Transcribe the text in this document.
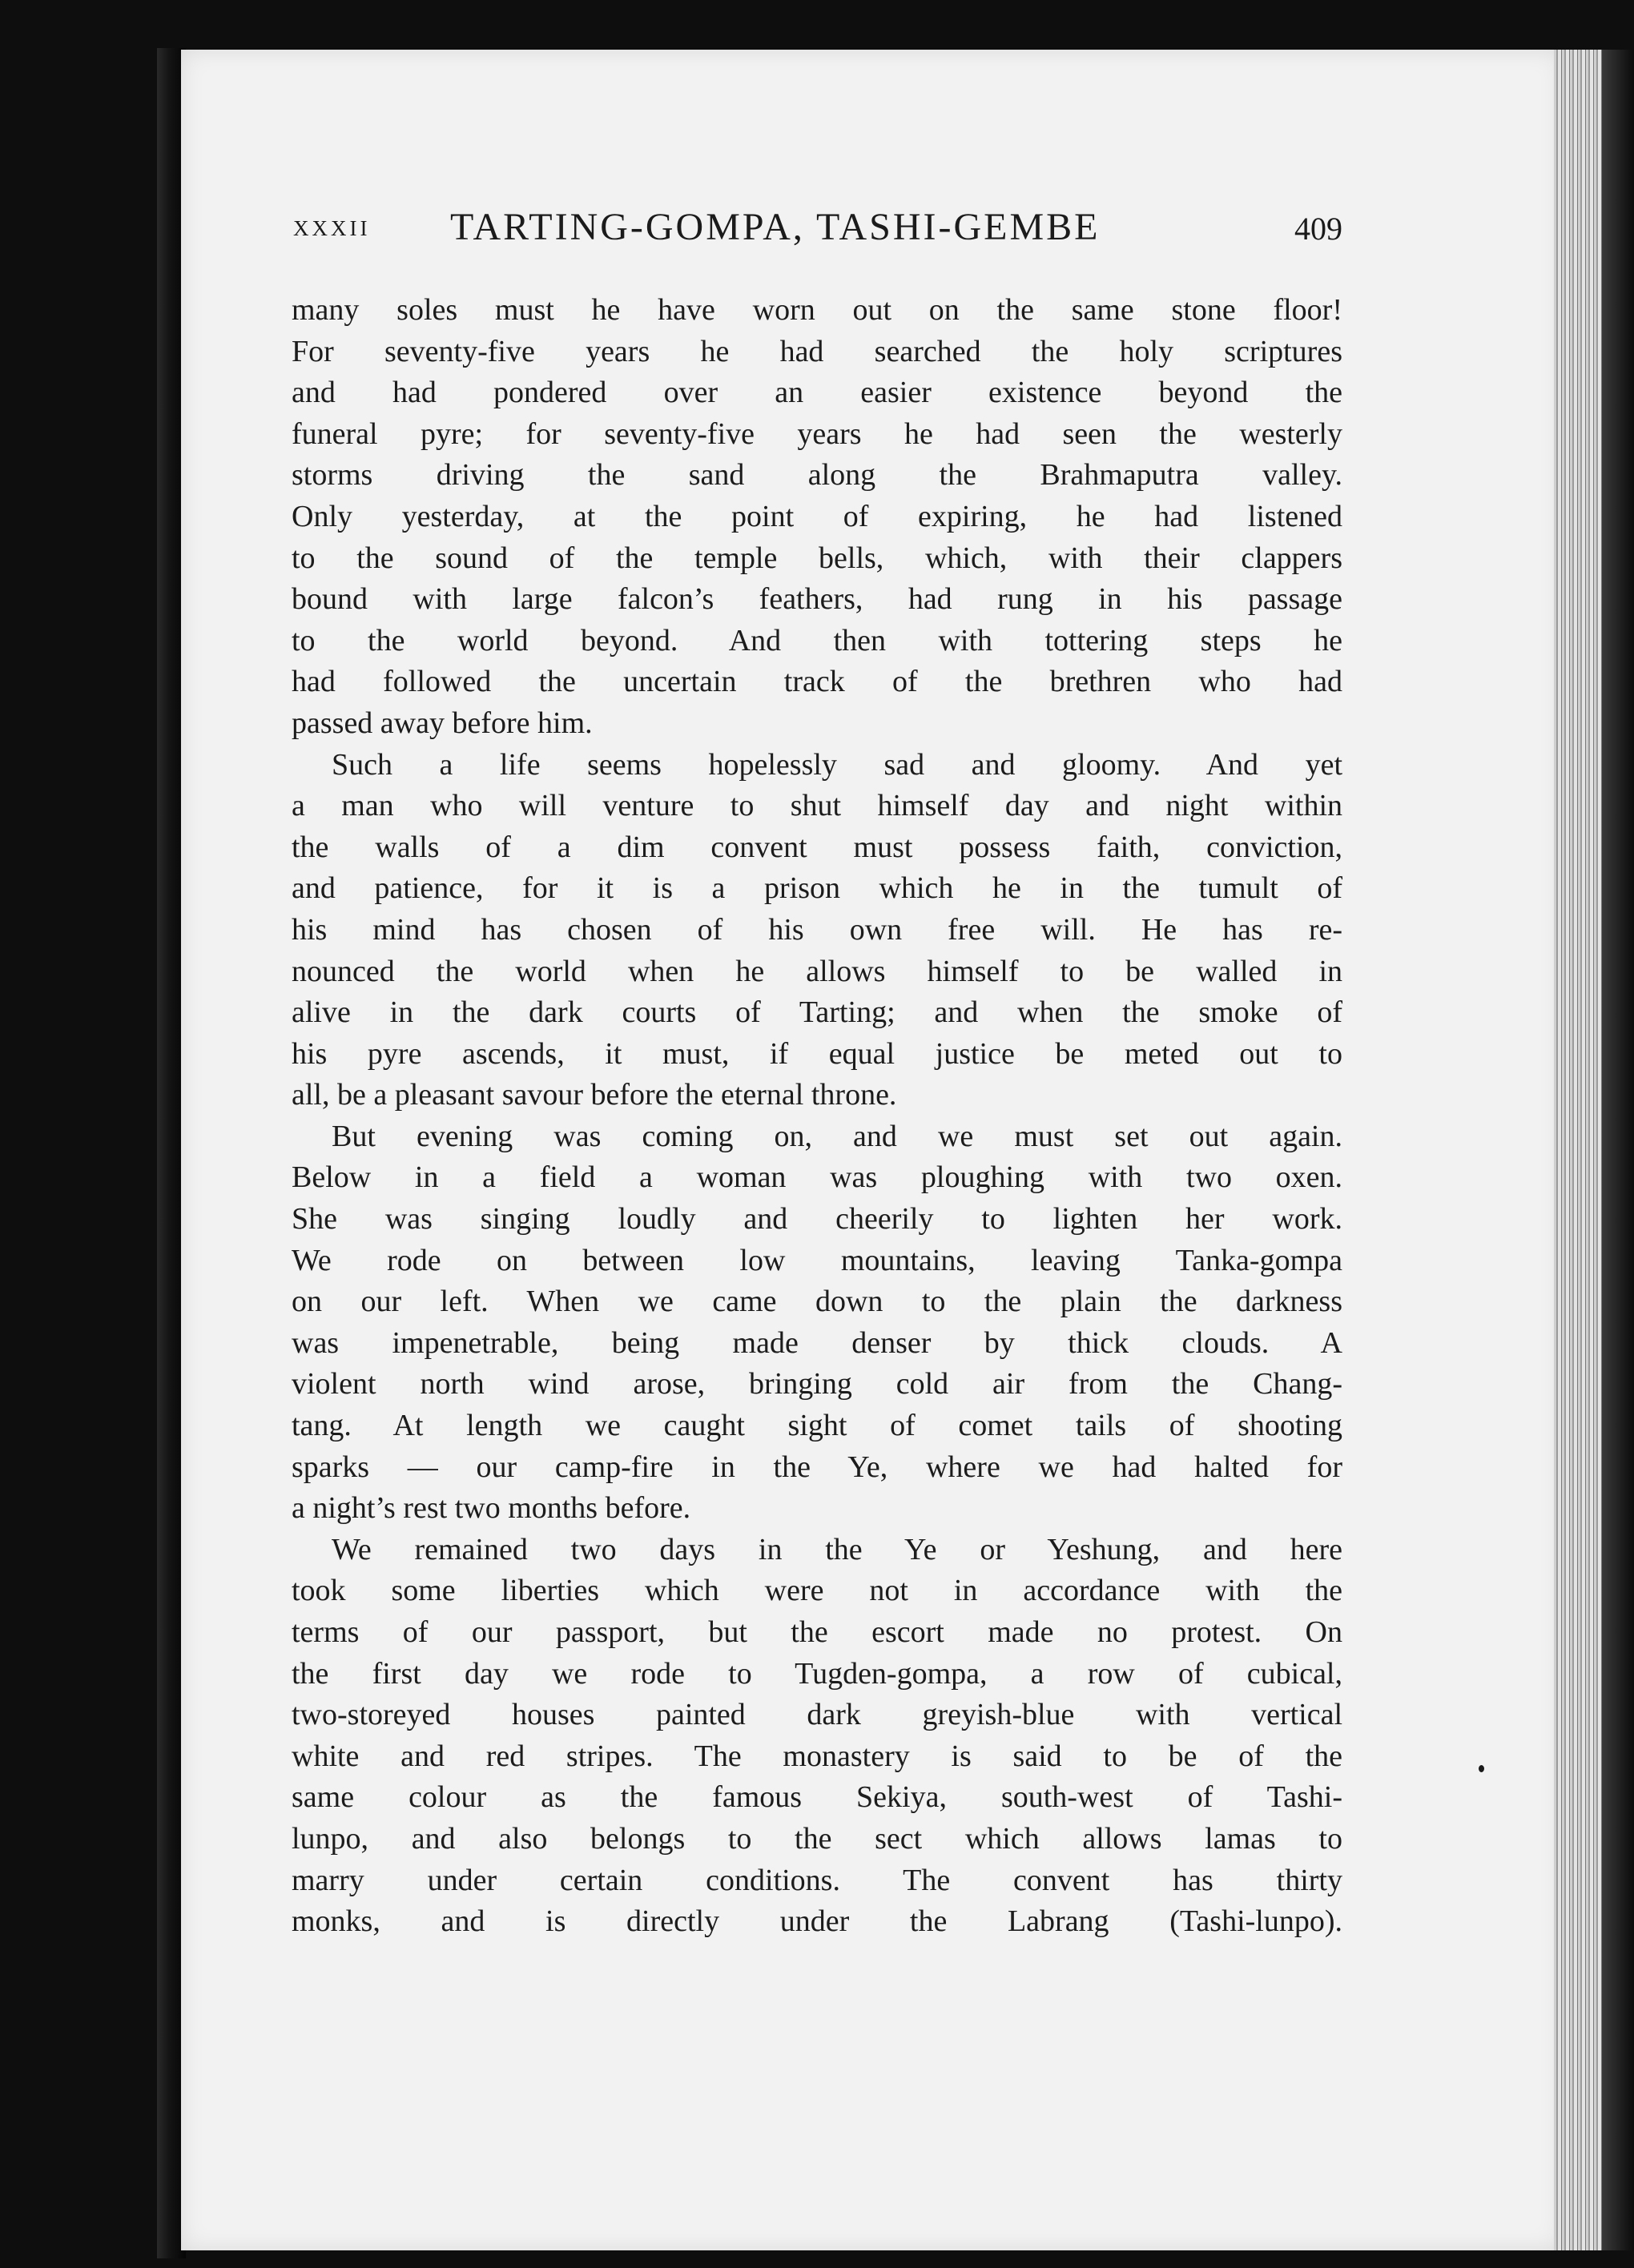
XXXII TARTING-GOMPA, TASHI-GEMBE	409
many soles must he have worn out on the same stone floor!
For seventy-five years he had searched the holy scriptures
and had pondered over an easier existence beyond the
funeral pyre; for seventy-five years he had seen the westerly
storms driving the sand along the Brahmaputra valley.
Only yesterday, at the point of expiring, he had listened
to the sound of the temple bells, which, with their clappers
bound with large falcon’s feathers, had rung in his passage
to the world beyond. And then with tottering steps he
had followed the uncertain track of the brethren who had
passed away before him.
Such a life seems hopelessly sad and gloomy. And yet
a man who will venture to shut himself day and night within
the walls of a dim convent must possess faith, conviction,
and patience, for it is a prison which he in the tumult of
his mind has chosen of his own free will. He has re-
nounced the world when he allows himself to be walled in
alive in the dark courts of Tarting; and when the smoke of
his pyre ascends, it must, if equal justice be meted out to
all, be a pleasant savour before the eternal throne.
But evening was coming on, and we must set out again.
Below in a field a woman was ploughing with two oxen.
She was singing loudly and cheerily to lighten her work.
We rode on between low mountains, leaving Tanka-gompa
on our left. When we came down to the plain the darkness
was impenetrable, being made denser by thick clouds. A
violent north wind arose, bringing cold air from the Chang-
tang. At length we caught sight of comet tails of shooting
sparks — our camp-fire in the Ye, where we had halted for
a night’s rest two months before.
We remained two days in the Ye or Yeshung, and here
took some liberties which were not in accordance with the
terms of our passport, but the escort made no protest. On
the first day we rode to Tugden-gompa, a row of cubical,
two-storeyed houses painted dark greyish-blue with vertical
white and red stripes. The monastery is said to be of the
same colour as the famous Sekiya, south-west of Tashi-
lunpo, and also belongs to the sect which allows lamas to
marry under certain conditions. The convent has thirty
monks, and is directly under the Labrang (Tashi-lunpo).
